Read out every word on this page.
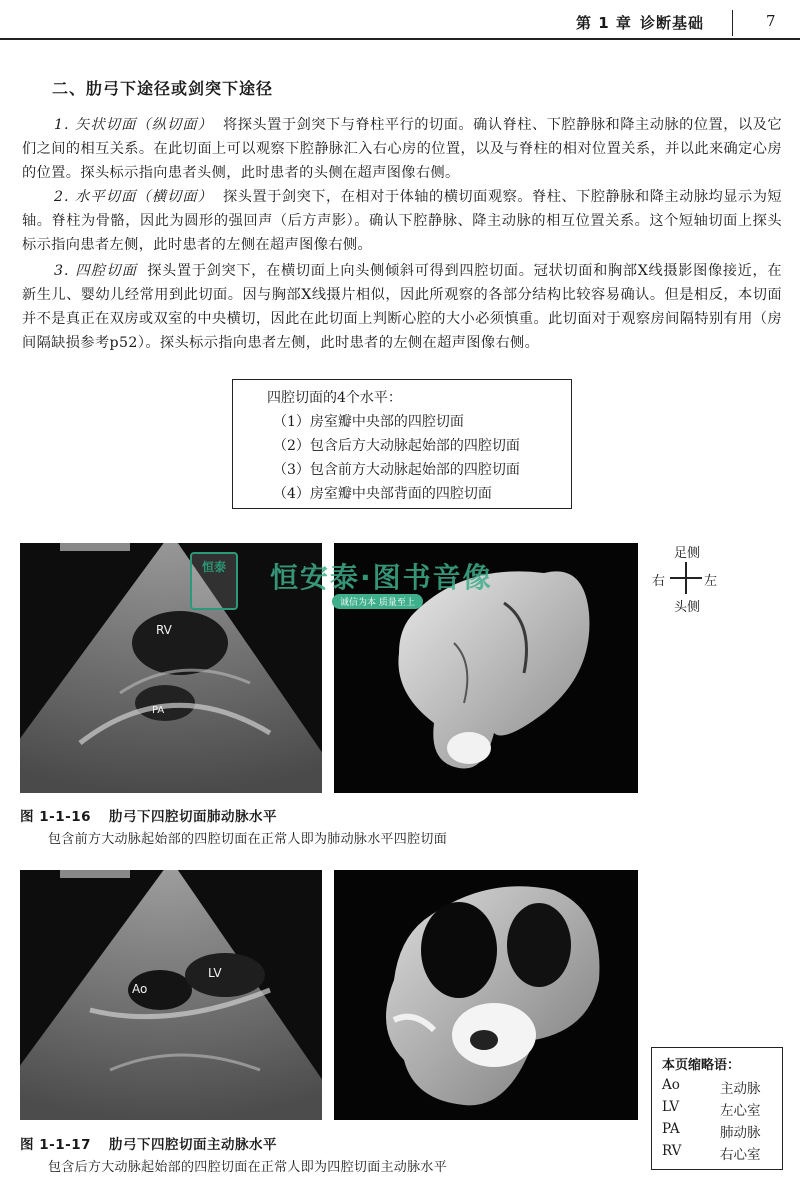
第 1 章 诊断基础	7
二、肋弓下途径或剑突下途径
1. 矢状切面（纵切面） 将探头置于剑突下与脊柱平行的切面。确认脊柱、下腔静脉和降主动脉的位置，以及它们之间的相互关系。在此切面上可以观察下腔静脉汇入右心房的位置，以及与脊柱的相对位置关系，并以此来确定心房的位置。探头标示指向患者头侧，此时患者的头侧在超声图像右侧。
2. 水平切面（横切面） 探头置于剑突下，在相对于体轴的横切面观察。脊柱、下腔静脉和降主动脉均显示为短轴。脊柱为骨骼，因此为圆形的强回声（后方声影）。确认下腔静脉、降主动脉的相互位置关系。这个短轴切面上探头标示指向患者左侧，此时患者的左侧在超声图像右侧。
3. 四腔切面 探头置于剑突下，在横切面上向头侧倾斜可得到四腔切面。冠状切面和胸部X线摄影图像接近，在新生儿、婴幼儿经常用到此切面。因与胸部X线摄片相似，因此所观察的各部分结构比较容易确认。但是相反，本切面并不是真正在双房或双室的中央横切，因此在此切面上判断心腔的大小必须慎重。此切面对于观察房间隔特别有用（房间隔缺损参考p52）。探头标示指向患者左侧，此时患者的左侧在超声图像右侧。
四腔切面的4个水平：
（1）房室瓣中央部的四腔切面
（2）包含后方大动脉起始部的四腔切面
（3）包含前方大动脉起始部的四腔切面
（4）房室瓣中央部背面的四腔切面
RV
PA
恒泰	恒安泰·图书音像
诚信为本 质量至上
足侧
右	左
头侧
图 1-1-16 肋弓下四腔切面肺动脉水平
包含前方大动脉起始部的四腔切面在正常人即为肺动脉水平四腔切面
Ao
LV
图 1-1-17 肋弓下四腔切面主动脉水平
包含后方大动脉起始部的四腔切面在正常人即为四腔切面主动脉水平
本页缩略语：
Ao	主动脉
LV	左心室
PA	肺动脉
RV	右心室
